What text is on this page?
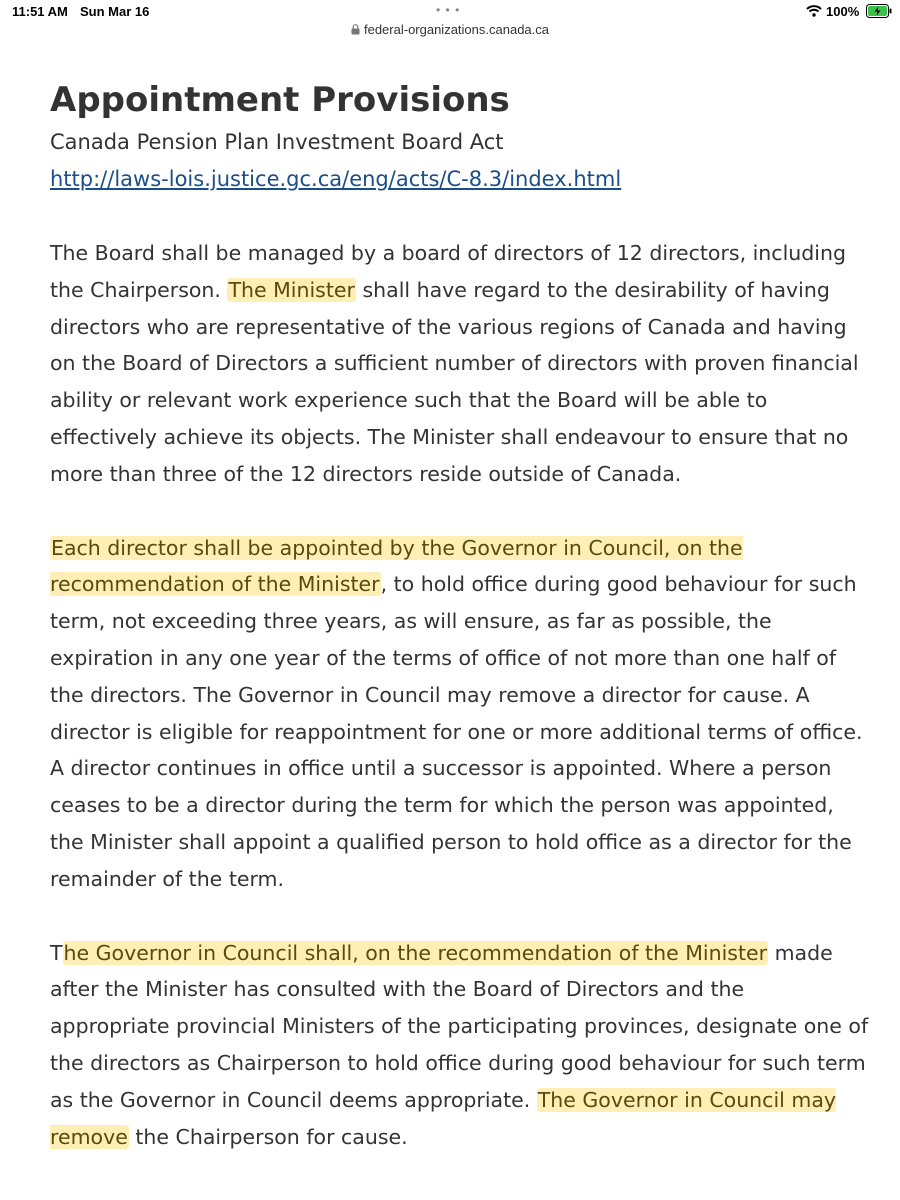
11:51 AM Sun Mar 16	• • •
federal-organizations.canada.ca
100%
Appointment Provisions
Canada Pension Plan Investment Board Act
http://laws-lois.justice.gc.ca/eng/acts/C-8.3/index.html

The Board shall be managed by a board of directors of 12 directors, including the Chairperson. The Minister shall have regard to the desirability of having directors who are representative of the various regions of Canada and having on the Board of Directors a sufficient number of directors with proven financial ability or relevant work experience such that the Board will be able to effectively achieve its objects. The Minister shall endeavour to ensure that no more than three of the 12 directors reside outside of Canada.

Each director shall be appointed by the Governor in Council, on the recommendation of the Minister, to hold office during good behaviour for such term, not exceeding three years, as will ensure, as far as possible, the expiration in any one year of the terms of office of not more than one half of the directors. The Governor in Council may remove a director for cause. A director is eligible for reappointment for one or more additional terms of office. A director continues in office until a successor is appointed. Where a person ceases to be a director during the term for which the person was appointed, the Minister shall appoint a qualified person to hold office as a director for the remainder of the term.

The Governor in Council shall, on the recommendation of the Minister made after the Minister has consulted with the Board of Directors and the appropriate provincial Ministers of the participating provinces, designate one of the directors as Chairperson to hold office during good behaviour for such term as the Governor in Council deems appropriate. The Governor in Council may remove the Chairperson for cause.
